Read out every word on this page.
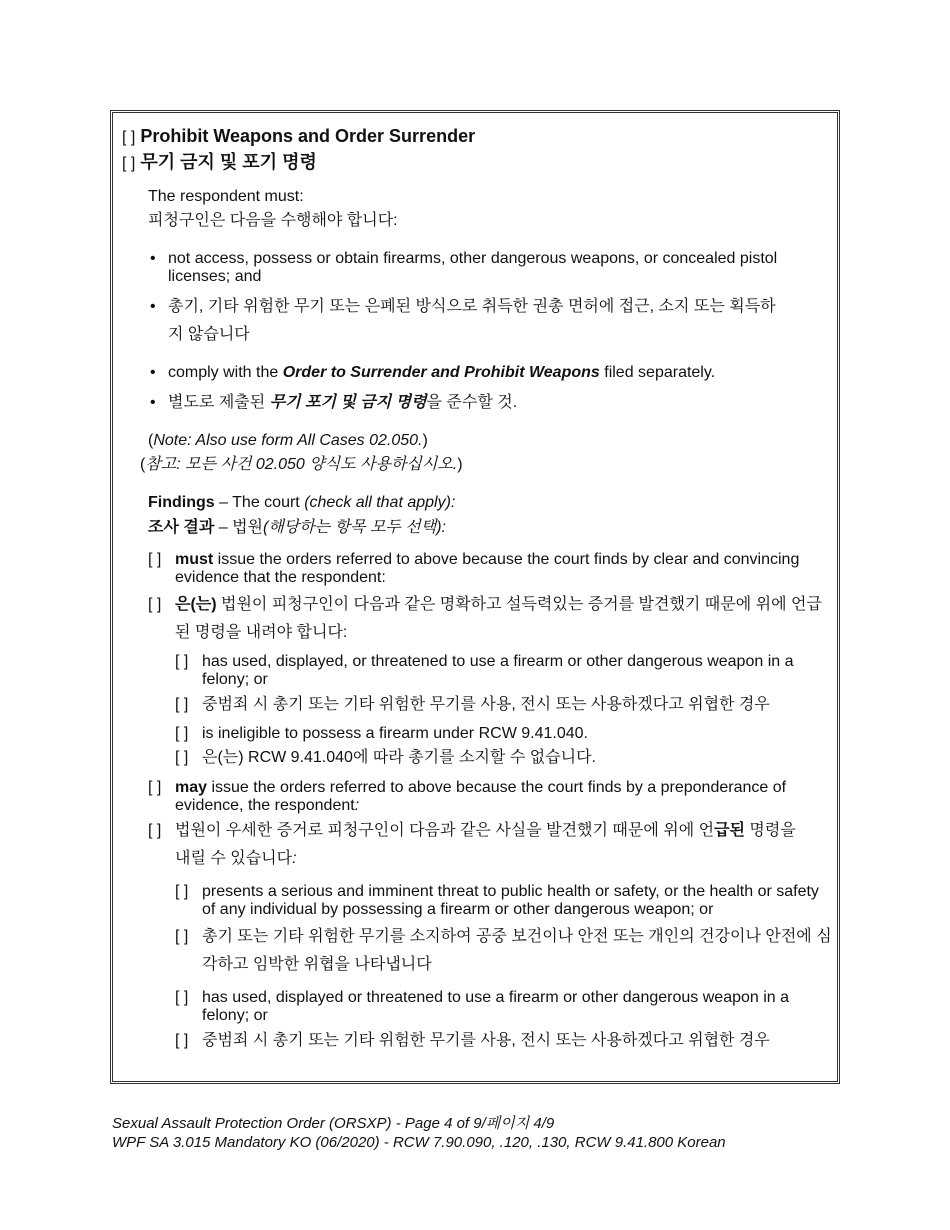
[ ] Prohibit Weapons and Order Surrender
[ ] 무기 금지 및 포기 명령
The respondent must:
피청구인은 다음을 수행해야 합니다:
• not access, possess or obtain firearms, other dangerous weapons, or concealed pistol licenses; and
• 총기, 기타 위험한 무기 또는 은폐된 방식으로 취득한 권총 면허에 접근, 소지 또는 획득하지 않습니다
• comply with the Order to Surrender and Prohibit Weapons filed separately.
• 별도로 제출된 무기 포기 및 금지 명령을 준수할 것.
(Note: Also use form All Cases 02.050.)
(참고: 모든 사건 02.050 양식도 사용하십시오.)
Findings – The court (check all that apply):
조사 결과 – 법원(해당하는 항목 모두 선택):
[ ] must issue the orders referred to above because the court finds by clear and convincing evidence that the respondent:
[ ] 은(는) 법원이 피청구인이 다음과 같은 명확하고 설득력있는 증거를 발견했기 때문에 위에 언급된 명령을 내려야 합니다:
[ ] has used, displayed, or threatened to use a firearm or other dangerous weapon in a felony; or
[ ] 중범죄 시 총기 또는 기타 위험한 무기를 사용, 전시 또는 사용하겠다고 위협한 경우
[ ] is ineligible to possess a firearm under RCW 9.41.040.
[ ] 은(는) RCW 9.41.040에 따라 총기를 소지할 수 없습니다.
[ ] may issue the orders referred to above because the court finds by a preponderance of evidence, the respondent:
[ ] 법원이 우세한 증거로 피청구인이 다음과 같은 사실을 발견했기 때문에 위에 언급된 명령을 내릴 수 있습니다:
[ ] presents a serious and imminent threat to public health or safety, or the health or safety of any individual by possessing a firearm or other dangerous weapon; or
[ ] 총기 또는 기타 위험한 무기를 소지하여 공중 보건이나 안전 또는 개인의 건강이나 안전에 심각하고 임박한 위협을 나타냅니다
[ ] has used, displayed or threatened to use a firearm or other dangerous weapon in a felony; or
[ ] 중범죄 시 총기 또는 기타 위험한 무기를 사용, 전시 또는 사용하겠다고 위협한 경우
Sexual Assault Protection Order (ORSXP) - Page 4 of 9/페이지 4/9
WPF SA 3.015 Mandatory KO (06/2020) - RCW 7.90.090, .120, .130, RCW 9.41.800 Korean
